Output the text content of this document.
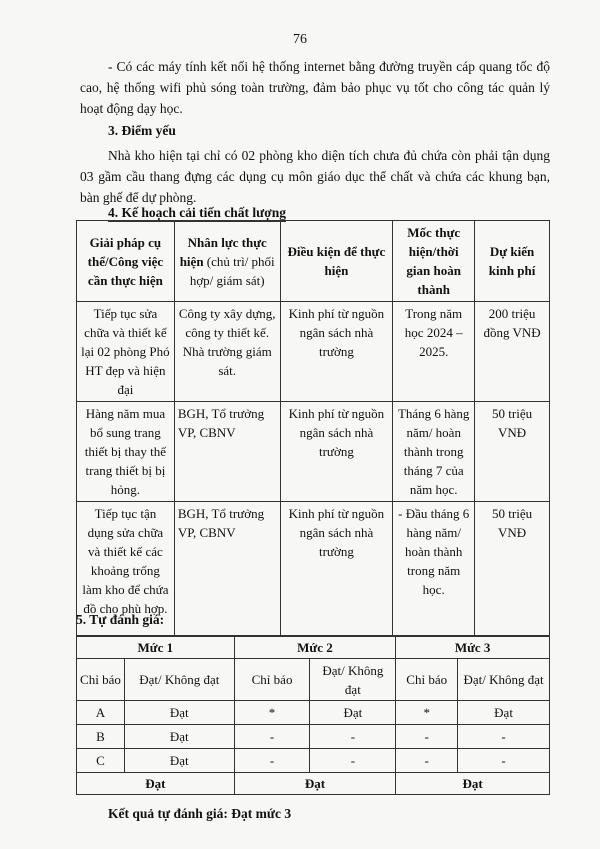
76
- Có các máy tính kết nối hệ thống internet bằng đường truyền cáp quang tốc độ cao, hệ thống wifi phủ sóng toàn trường, đảm bảo phục vụ tốt cho công tác quản lý hoạt động dạy học.
3. Điểm yếu
Nhà kho hiện tại chỉ có 02 phòng kho diện tích chưa đủ chứa còn phải tận dụng 03 gầm cầu thang đựng các dụng cụ môn giáo dục thể chất và chứa các khung bạn, bàn ghế để dự phòng.
4. Kế hoạch cải tiến chất lượng
Giải pháp cụ thể/Công việc cần thực hiện	Nhân lực thực hiện (chủ trì/ phối hợp/ giám sát)	Điều kiện để thực hiện	Mốc thực hiện/thời gian hoàn thành	Dự kiến kinh phí
Tiếp tục sửa chữa và thiết kế lại 02 phòng Phó HT đẹp và hiện đại	Công ty xây dựng, công ty thiết kế. Nhà trường giám sát.	Kinh phí từ nguồn ngân sách nhà trường	Trong năm học 2024 – 2025.	200 triệu đồng VNĐ
Hàng năm mua bổ sung trang thiết bị thay thế trang thiết bị bị hỏng.	BGH, Tổ trưởng VP, CBNV	Kinh phí từ nguồn ngân sách nhà trường	Tháng 6 hàng năm/ hoàn thành trong tháng 7 của năm học.	50 triệu VNĐ
Tiếp tục tận dụng sửa chữa và thiết kế các khoảng trống làm kho để chứa đồ cho phù hợp.	BGH, Tổ trưởng VP, CBNV	Kinh phí từ nguồn ngân sách nhà trường	- Đầu tháng 6 hàng năm/ hoàn thành trong năm học.	50 triệu VNĐ
5. Tự đánh giá:
Mức 1		Mức 2		Mức 3	
Chỉ báo	Đạt/ Không đạt	Chỉ báo	Đạt/ Không đạt	Chỉ báo	Đạt/ Không đạt
A	Đạt	*	Đạt	*	Đạt
B	Đạt	-	-	-	-
C	Đạt	-	-	-	-
Đạt		Đạt		Đạt	
Kết quả tự đánh giá: Đạt mức 3
